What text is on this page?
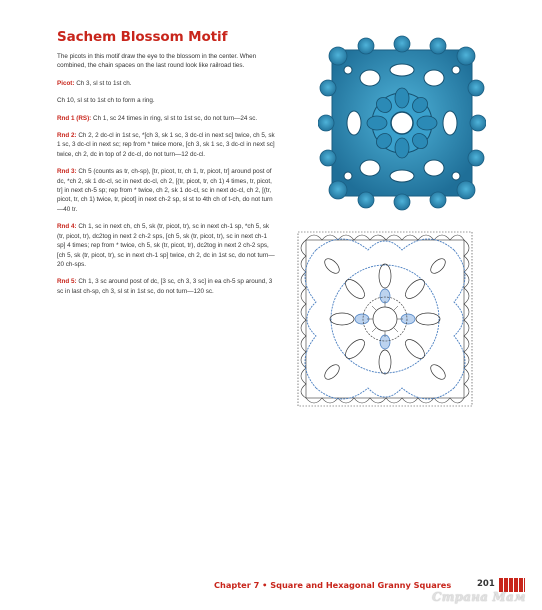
Sachem Blossom Motif

The picots in this motif draw the eye to the blossom in the center. When combined, the chain spaces on the last round look like railroad ties.

Picot: Ch 3, sl st to 1st ch.

Ch 10, sl st to 1st ch to form a ring.

Rnd 1 (RS): Ch 1, sc 24 times in ring, sl st to 1st sc, do not turn—24 sc.

Rnd 2: Ch 2, 2 dc-cl in 1st sc, *[ch 3, sk 1 sc, 3 dc-cl in next sc] twice, ch 5, sk 1 sc, 3 dc-cl in next sc; rep from * twice more, [ch 3, sk 1 sc, 3 dc-cl in next sc] twice, ch 2, dc in top of 2 dc-cl, do not turn—12 dc-cl.

Rnd 3: Ch 5 (counts as tr, ch-sp), [tr, picot, tr, ch 1, tr, picot, tr] around post of dc, *ch 2, sk 1 dc-cl, sc in next dc-cl, ch 2, [(tr, picot, tr, ch 1) 4 times, tr, picot, tr] in next ch-5 sp; rep from * twice, ch 2, sk 1 dc-cl, sc in next dc-cl, ch 2, [(tr, picot, tr, ch 1) twice, tr, picot] in next ch-2 sp, sl st to 4th ch of t-ch, do not turn—40 tr.

Rnd 4: Ch 1, sc in next ch, ch 5, sk (tr, picot, tr), sc in next ch-1 sp, *ch 5, sk (tr, picot, tr), dc2tog in next 2 ch-2 sps, [ch 5, sk (tr, picot, tr), sc in next ch-1 sp] 4 times; rep from * twice, ch 5, sk (tr, picot, tr), dc2tog in next 2 ch-2 sps, [ch 5, sk (tr, picot, tr), sc in next ch-1 sp] twice, ch 2, dc in 1st sc, do not turn—20 ch-sps.

Rnd 5: Ch 1, 3 sc around post of dc, [3 sc, ch 3, 3 sc] in ea ch-5 sp around, 3 sc in last ch-sp, ch 3, sl st in 1st sc, do not turn—120 sc.

Chapter 7 • Square and Hexagonal Granny Squares	201
Страна Мам
